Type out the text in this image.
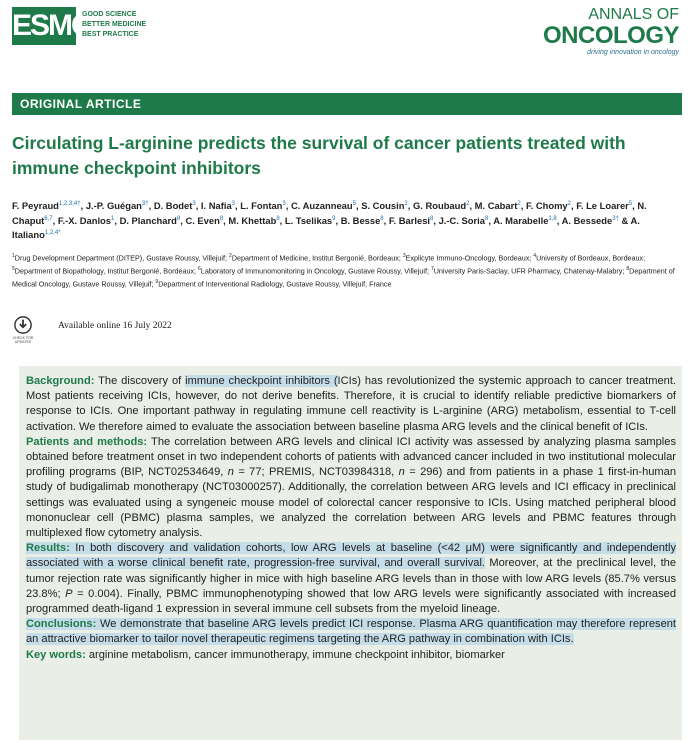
ESMO
GOOD SCIENCE
BETTER MEDICINE
BEST PRACTICE
ANNALS OF
ONCOLOGY
driving innovation in oncology
ORIGINAL ARTICLE
Circulating L-arginine predicts the survival of cancer patients treated with immune checkpoint inhibitors
F. Peyraud$^{1,2,3,4\dagger}$, J.-P. Guégan$^{3\dagger}$, D. Bodet$^3$, I. Nafia$^3$, L. Fontan$^3$, C. Auzanneau$^5$, S. Cousin$^2$, G. Roubaud$^2$, M. Cabart$^2$, F. Chomy$^2$, F. Le Loarer$^5$, N. Chaput$^{6,7}$, F.-X. Danlos$^1$, D. Planchard$^8$, C. Even$^8$, M. Khettab$^8$, L. Tselikas$^9$, B. Besse$^8$, F. Barlesi$^8$, J.-C. Soria$^8$, A. Marabelle$^{1,8}$, A. Bessede$^{3\dagger}$ & A. Italiano$^{1,2,4*}$
$^1$Drug Development Department (DITEP), Gustave Roussy, Villejuif; $^2$Department of Medicine, Institut Bergonié, Bordeaux; $^3$Explicyte Immuno-Oncology, Bordeaux; $^4$University of Bordeaux, Bordeaux; $^5$Department of Biopathology, Institut Bergonié, Bordeaux; $^6$Laboratory of Immunomonitoring in Oncology, Gustave Roussy, Villejuif; $^7$University Paris-Saclay, UFR Pharmacy, Chatenay-Malabry; $^8$Department of Medical Oncology, Gustave Roussy, Villejuif; $^9$Department of Interventional Radiology, Gustave Roussy, Villejuif, France
CHECK FOR UPDATES
Available online 16 July 2022

Background: The discovery of immune checkpoint inhibitors (ICIs) has revolutionized the systemic approach to cancer treatment. Most patients receiving ICIs, however, do not derive benefits. Therefore, it is crucial to identify reliable predictive biomarkers of response to ICIs. One important pathway in regulating immune cell reactivity is L-arginine (ARG) metabolism, essential to T-cell activation. We therefore aimed to evaluate the association between baseline plasma ARG levels and the clinical benefit of ICIs.

Patients and methods: The correlation between ARG levels and clinical ICI activity was assessed by analyzing plasma samples obtained before treatment onset in two independent cohorts of patients with advanced cancer included in two institutional molecular profiling programs (BIP, NCT02534649, n = 77; PREMIS, NCT03984318, n = 296) and from patients in a phase 1 first-in-human study of budigalimab monotherapy (NCT03000257). Additionally, the correlation between ARG levels and ICI efficacy in preclinical settings was evaluated using a syngeneic mouse model of colorectal cancer responsive to ICIs. Using matched peripheral blood mononuclear cell (PBMC) plasma samples, we analyzed the correlation between ARG levels and PBMC features through multiplexed flow cytometry analysis.

Results: In both discovery and validation cohorts, low ARG levels at baseline (<42 μM) were significantly and independently associated with a worse clinical benefit rate, progression-free survival, and overall survival. Moreover, at the preclinical level, the tumor rejection rate was significantly higher in mice with high baseline ARG levels than in those with low ARG levels (85.7% versus 23.8%; P = 0.004). Finally, PBMC immunophenotyping showed that low ARG levels were significantly associated with increased programmed death-ligand 1 expression in several immune cell subsets from the myeloid lineage.

Conclusions: We demonstrate that baseline ARG levels predict ICI response. Plasma ARG quantification may therefore represent an attractive biomarker to tailor novel therapeutic regimens targeting the ARG pathway in combination with ICIs.

Key words: arginine metabolism, cancer immunotherapy, immune checkpoint inhibitor, biomarker
